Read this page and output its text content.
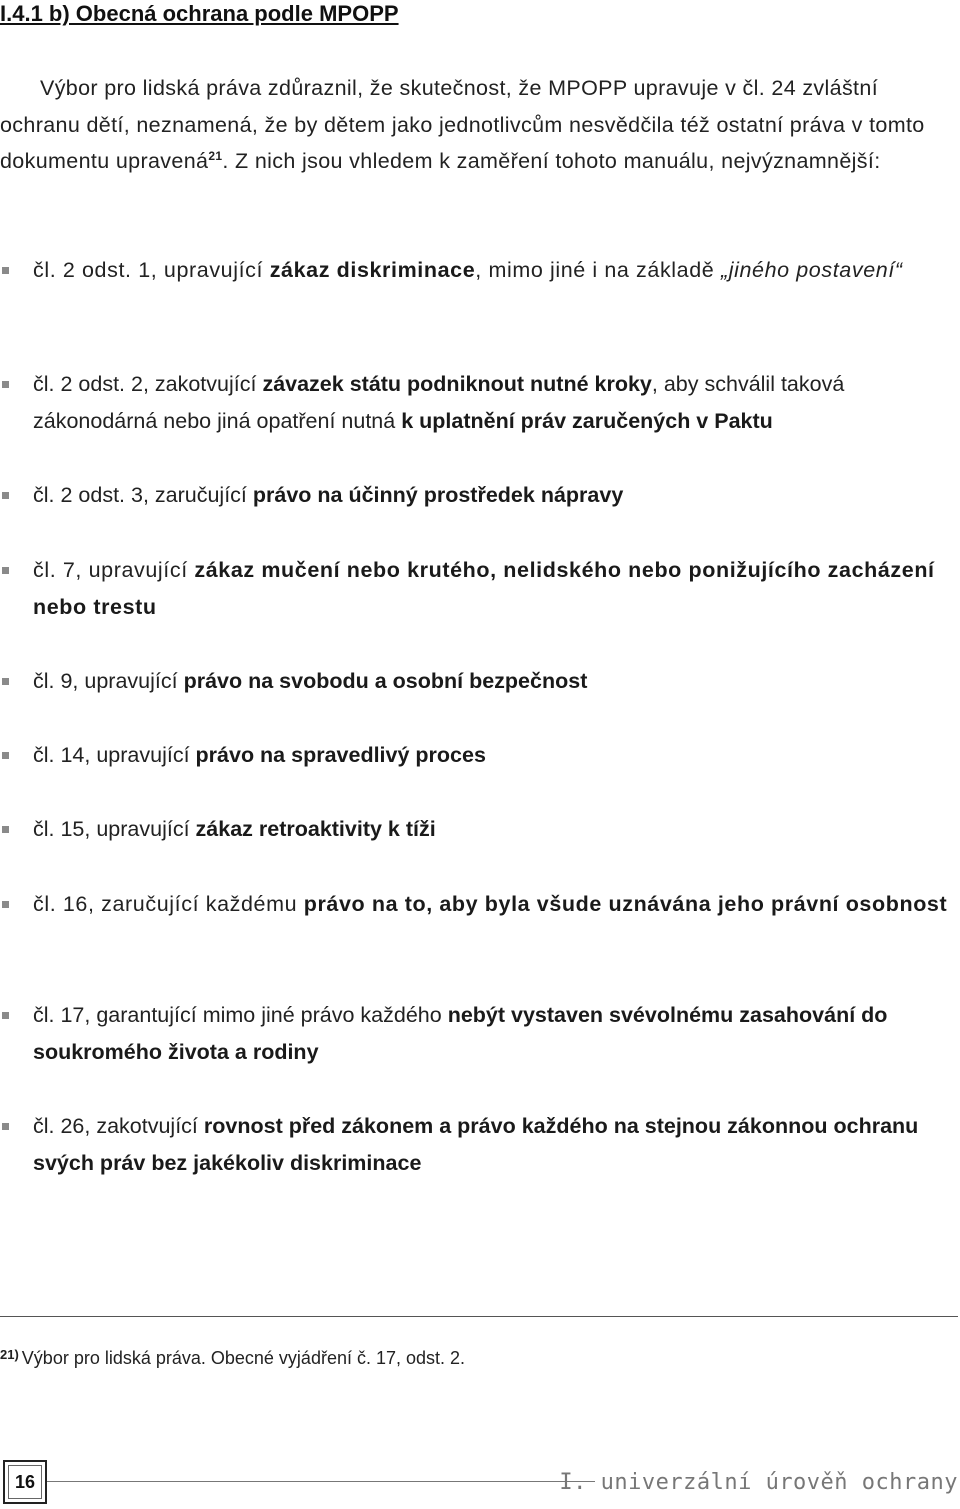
I.4.1 b) Obecná ochrana podle MPOPP
Výbor pro lidská práva zdůraznil, že skutečnost, že MPOPP upravuje v čl. 24 zvláštní ochranu dětí, neznamená, že by dětem jako jednotlivcům nesvědčila též ostatní práva v tomto dokumentu upravená$^{21}$. Z nich jsou vhledem k zaměření tohoto manuálu, nejvýznamnější:
čl. 2 odst. 1, upravující zákaz diskriminace, mimo jiné i na základě „jiného postavení“
čl. 2 odst. 2, zakotvující závazek státu podniknout nutné kroky, aby schválil taková zákonodárná nebo jiná opatření nutná k uplatnění práv zaručených v Paktu
čl. 2 odst. 3, zaručující právo na účinný prostředek nápravy
čl. 7, upravující zákaz mučení nebo krutého, nelidského nebo ponižujícího zacházení nebo trestu
čl. 9, upravující právo na svobodu a osobní bezpečnost
čl. 14, upravující právo na spravedlivý proces
čl. 15, upravující zákaz retroaktivity k tíži
čl. 16, zaručující každému právo na to, aby byla všude uznávána jeho právní osobnost
čl. 17, garantující mimo jiné právo každého nebýt vystaven svévolnému zasahování do soukromého života a rodiny
čl. 26, zakotvující rovnost před zákonem a právo každého na stejnou zákonnou ochranu svých práv bez jakékoliv diskriminace
$^{21)}$ Výbor pro lidská práva. Obecné vyjádření č. 17, odst. 2.
16	I. univerzální úrověň ochrany
